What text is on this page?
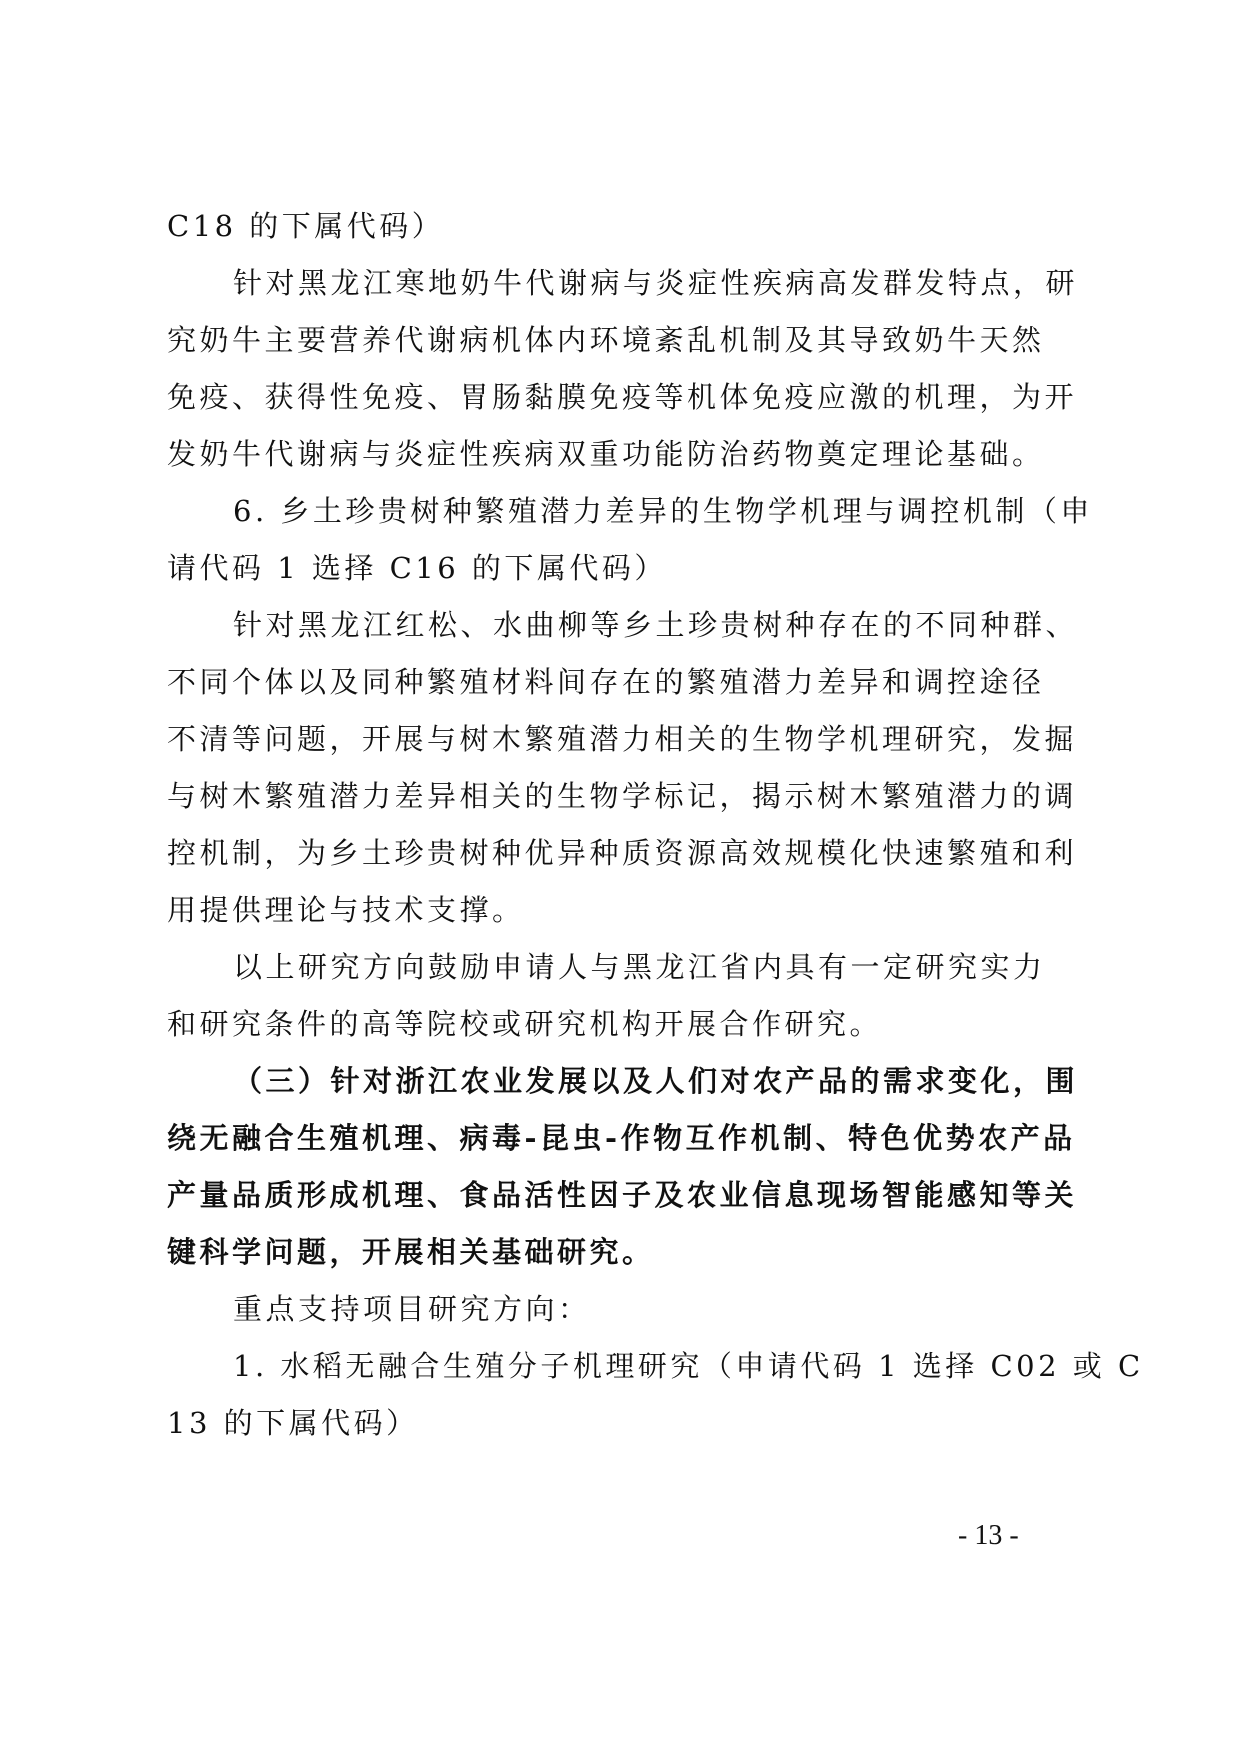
C18 的下属代码）
针对黑龙江寒地奶牛代谢病与炎症性疾病高发群发特点，研
究奶牛主要营养代谢病机体内环境紊乱机制及其导致奶牛天然
免疫、获得性免疫、胃肠黏膜免疫等机体免疫应激的机理，为开
发奶牛代谢病与炎症性疾病双重功能防治药物奠定理论基础。
6. 乡土珍贵树种繁殖潜力差异的生物学机理与调控机制（申
请代码 1 选择 C16 的下属代码）
针对黑龙江红松、水曲柳等乡土珍贵树种存在的不同种群、
不同个体以及同种繁殖材料间存在的繁殖潜力差异和调控途径
不清等问题，开展与树木繁殖潜力相关的生物学机理研究，发掘
与树木繁殖潜力差异相关的生物学标记，揭示树木繁殖潜力的调
控机制，为乡土珍贵树种优异种质资源高效规模化快速繁殖和利
用提供理论与技术支撑。
以上研究方向鼓励申请人与黑龙江省内具有一定研究实力
和研究条件的高等院校或研究机构开展合作研究。
（三）针对浙江农业发展以及人们对农产品的需求变化，围
绕无融合生殖机理、病毒-昆虫-作物互作机制、特色优势农产品
产量品质形成机理、食品活性因子及农业信息现场智能感知等关
键科学问题，开展相关基础研究。
重点支持项目研究方向：
1. 水稻无融合生殖分子机理研究（申请代码 1 选择 C02 或 C
13 的下属代码）
- 13 -
